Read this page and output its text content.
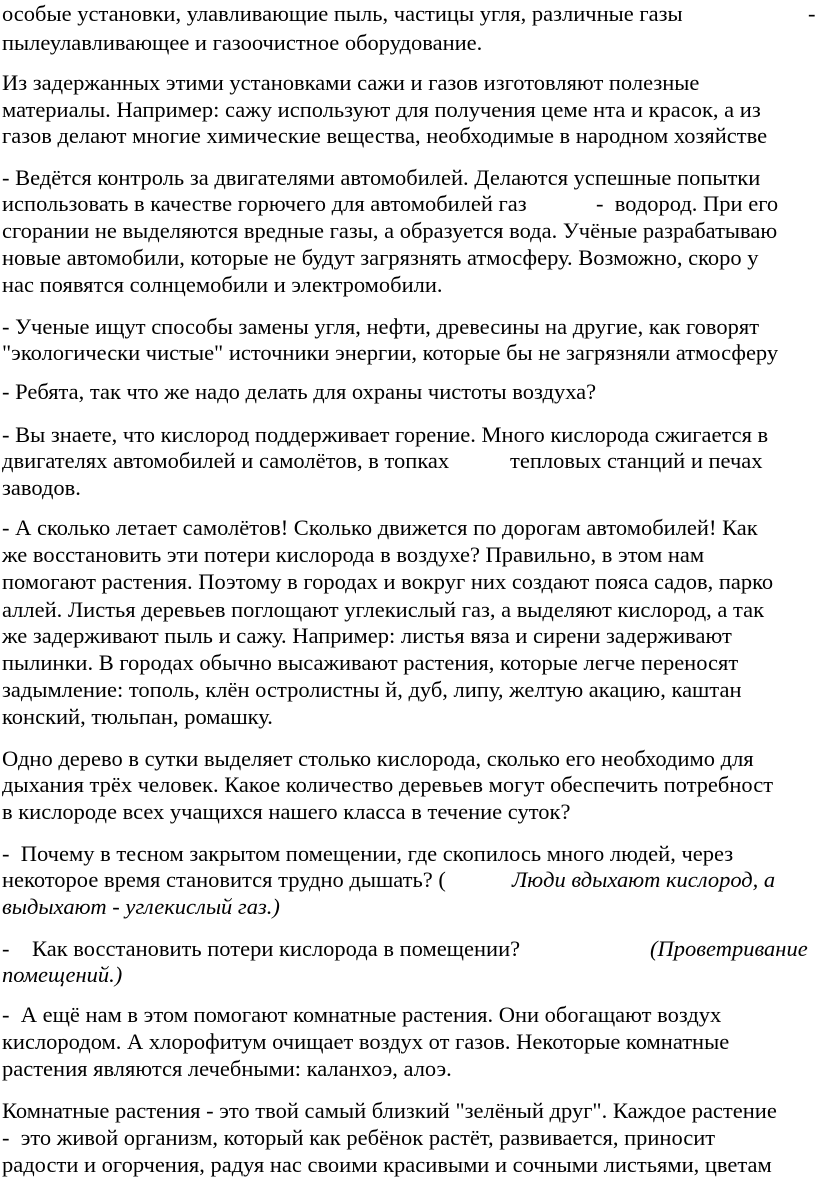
особые установки, улавливающие пыль, частицы угля, различные газы	-
пылеулавливающее и газоочистное оборудование.
Из задержанных этими установками сажи и газов изготовляют полезные
материалы. Например: сажу используют для получения цеме нта и красок, а из
газов делают многие химические вещества, необходимые в народном хозяйстве
- Ведётся контроль за двигателями автомобилей. Делаются успешные попытки
использовать в качестве горючего для автомобилей газ	-  водород. При его
сгорании не выделяются вредные газы, а образуется вода. Учёные разрабатываю
новые автомобили, которые не будут загрязнять атмосферу. Возможно, скоро у
нас появятся солнцемобили и электромобили.
- Ученые ищут способы замены угля, нефти, древесины на другие, как говорят
"экологически чистые" источники энергии, которые бы не загрязняли атмосферу
- Ребята, так что же надо делать для охраны чистоты воздуха?
- Вы знаете, что кислород поддерживает горение. Много кислорода сжигается в
двигателях автомобилей и самолётов, в топках	тепловых станций и печах
заводов.
- А сколько летает самолётов! Сколько движется по дорогам автомобилей! Как
же восстановить эти потери кислорода в воздухе? Правильно, в этом нам
помогают растения. Поэтому в городах и вокруг них создают пояса садов, парко
аллей. Листья деревьев поглощают углекислый газ, а выделяют кислород, а так
же задерживают пыль и сажу. Например: листья вяза и сирени задерживают
пылинки. В городах обычно высаживают растения, которые легче переносят
задымление: тополь, клён остролистны й, дуб, липу, желтую акацию, каштан
конский, тюльпан, ромашку.
Одно дерево в сутки выделяет столько кислорода, сколько его необходимо для
дыхания трёх человек. Какое количество деревьев могут обеспечить потребност
в кислороде всех учащихся нашего класса в течение суток?
-  Почему в тесном закрытом помещении, где скопилось много людей, через
некоторое время становится трудно дышать? (	Люди вдыхают кислород, а
выдыхают - углекислый газ.)
-    Как восстановить потери кислорода в помещении?	(Проветривание
помещений.)
-  А ещё нам в этом помогают комнатные растения. Они обогащают воздух
кислородом. А хлорофитум очищает воздух от газов. Некоторые комнатные
растения являются лечебными: каланхоэ, алоэ.
Комнатные растения - это твой самый близкий "зелёный друг". Каждое растение
-  это живой организм, который как ребёнок растёт, развивается, приносит
радости и огорчения, радуя нас своими красивыми и сочными листьями, цветам
